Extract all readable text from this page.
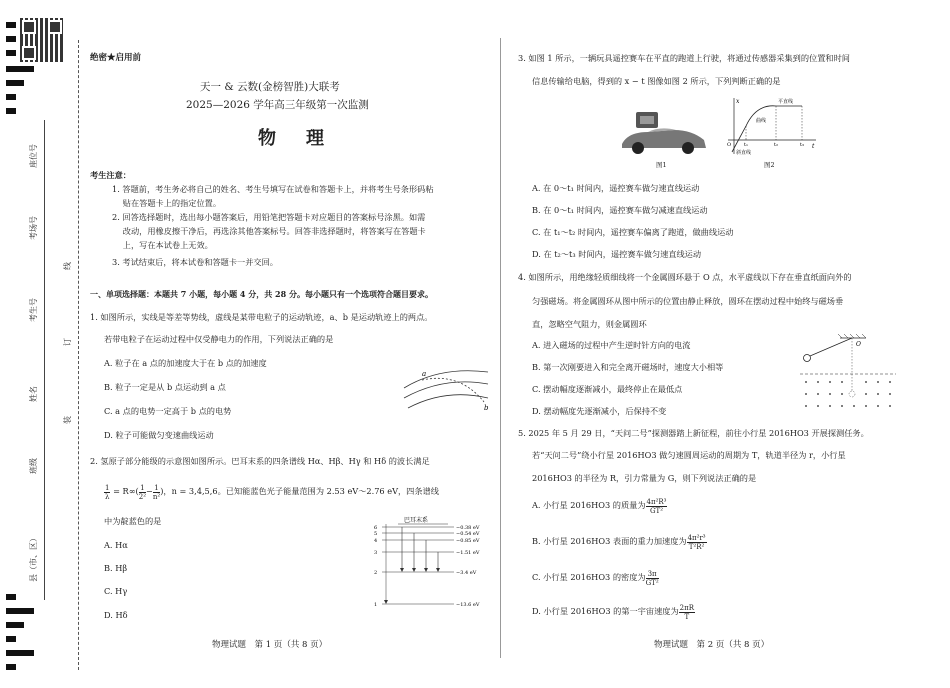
座位号
考场号
考生号
姓名
班级
县（市、区）
线
订
装
绝密★启用前
天一 & 云数(金榜智胜)大联考
2025—2026 学年高三年级第一次监测
物　理
考生注意：
1. 答题前，考生务必将自己的姓名、考生号填写在试卷和答题卡上，并将考生号条形码粘
　 贴在答题卡上的指定位置。
2. 回答选择题时，选出每小题答案后，用铅笔把答题卡对应题目的答案标号涂黑。如需
　 改动，用橡皮擦干净后，再选涂其他答案标号。回答非选择题时，将答案写在答题卡
　 上，写在本试卷上无效。
3. 考试结束后，将本试卷和答题卡一并交回。
一、单项选择题：本题共 7 小题，每小题 4 分，共 28 分。每小题只有一个选项符合题目要求。
1. 如图所示，实线是等差等势线，虚线是某带电粒子的运动轨迹，a、b 是运动轨迹上的两点。
若带电粒子在运动过程中仅受静电力的作用，下列说法正确的是
A. 粒子在 a 点的加速度大于在 b 点的加速度
B. 粒子一定是从 b 点运动到 a 点
C. a 点的电势一定高于 b 点的电势
D. 粒子可能做匀变速曲线运动
a
b
2. 氢原子部分能级的示意图如图所示。巴耳末系的四条谱线 Hα、Hβ、Hγ 和 Hδ 的波长满足
$\frac{1}{\lambda} = R\infty( \frac{1}{\text{2²}} - \frac{1}{\text{n²}}$ )，n = 3,4,5,6。已知能蓝色光子能量范围为 2.53 eV～2.76 eV，四条谱线
中为靛蓝色的是
A. Hα
B. Hβ
C. Hγ
D. Hδ
巴耳末系
6	−0.38 eV
5	−0.54 eV
4	−0.85 eV
3	−1.51 eV
2	−3.4 eV
1	−13.6 eV
物理试题　第 1 页（共 8 页）
3. 如图 1 所示，一辆玩具遥控赛车在平直的跑道上行驶，将通过传感器采集到的位置和时间
信息传输给电脑，得到的 x − t 图像如图 2 所示，下列判断正确的是
图1
x
t
O	t₁	t₂	t₃
平直线
曲线
斜直线
图2
A. 在 0～t₁ 时间内，遥控赛车做匀速直线运动
B. 在 0～t₁ 时间内，遥控赛车做匀减速直线运动
C. 在 t₁～t₂ 时间内，遥控赛车偏离了跑道，做曲线运动
D. 在 t₂～t₃ 时间内，遥控赛车做匀速直线运动
4. 如图所示，用绝缘轻质细线将一个金属圆环悬于 O 点，水平虚线以下存在垂直纸面向外的
匀强磁场。将金属圆环从图中所示的位置由静止释放，圆环在摆动过程中始终与磁场垂
直，忽略空气阻力，则金属圆环
A. 进入磁场的过程中产生逆时针方向的电流
B. 第一次刚要进入和完全离开磁场时，速度大小相等
C. 摆动幅度逐渐减小，最终停止在最低点
D. 摆动幅度先逐渐减小，后保持不变
O
5. 2025 年 5 月 29 日，“天问二号”探测器踏上新征程，前往小行星 2016HO3 开展探测任务。
若“天问二号”绕小行星 2016HO3 做匀速圆周运动的周期为 T，轨道半径为 r，小行星
2016HO3 的半径为 R，引力常量为 G，则下列说法正确的是
A. 小行星 2016HO3 的质量为 $\frac{\text{4π²R³}}{\text{GT²}}$
B. 小行星 2016HO3 表面的重力加速度为 $\frac{\text{4π²r³}}{\text{T²R²}}$
C. 小行星 2016HO3 的密度为 $\frac{3\pi}{\text{GT²}}$
D. 小行星 2016HO3 的第一宇宙速度为 $\frac{2\pi R}{T}$
物理试题　第 2 页（共 8 页）
